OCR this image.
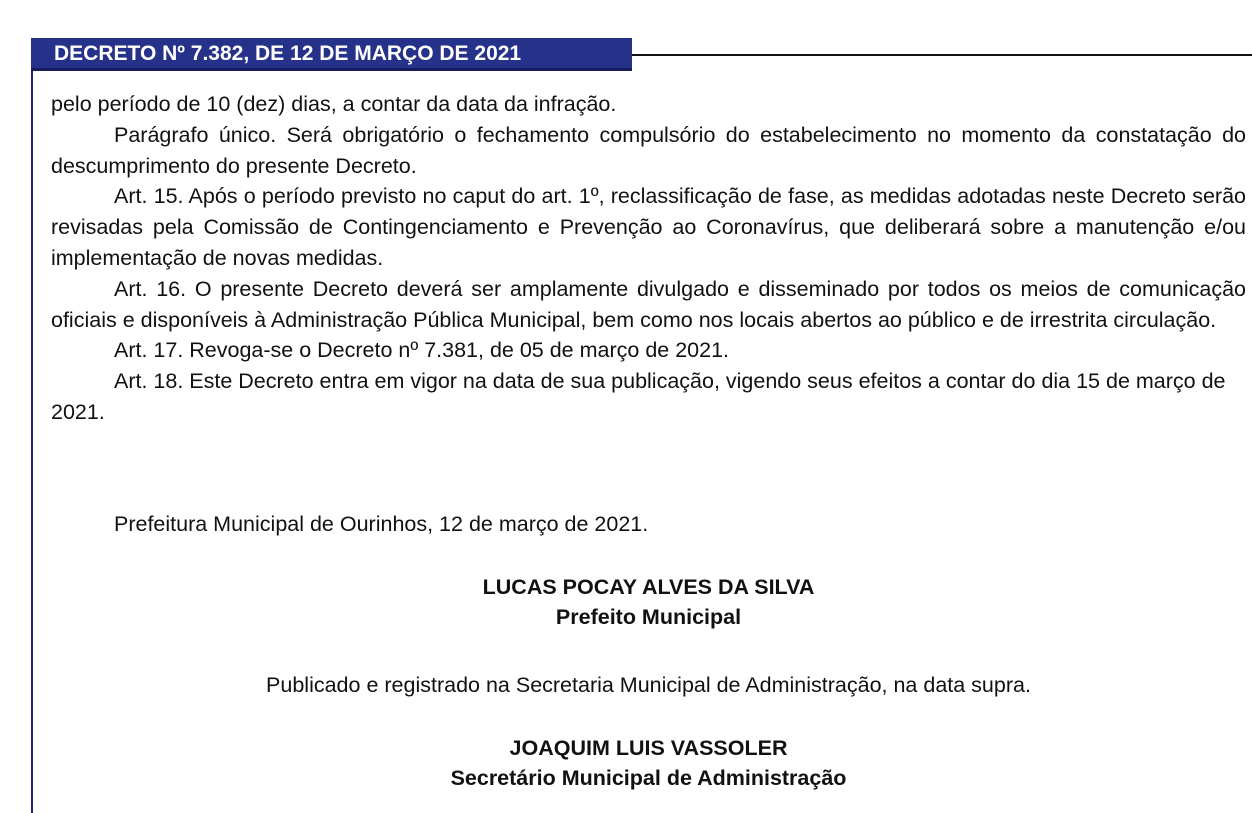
DECRETO Nº 7.382, DE 12 DE MARÇO DE 2021

pelo período de 10 (dez) dias, a contar da data da infração.

Parágrafo único. Será obrigatório o fechamento compulsório do estabelecimento no momento da constatação do descumprimento do presente Decreto.

Art. 15. Após o período previsto no caput do art. 1º, reclassificação de fase, as medidas adotadas neste Decreto serão revisadas pela Comissão de Contingenciamento e Prevenção ao Coronavírus, que deliberará sobre a manutenção e/ou implementação de novas medidas.

Art. 16. O presente Decreto deverá ser amplamente divulgado e disseminado por todos os meios de comunicação oficiais e disponíveis à Administração Pública Municipal, bem como nos locais abertos ao público e de irrestrita circulação.

Art. 17. Revoga-se o Decreto nº 7.381, de 05 de março de 2021.

Art. 18. Este Decreto entra em vigor na data de sua publicação, vigendo seus efeitos a contar do dia 15 de março de 2021.

Prefeitura Municipal de Ourinhos, 12 de março de 2021.
LUCAS POCAY ALVES DA SILVA
Prefeito Municipal
Publicado e registrado na Secretaria Municipal de Administração, na data supra.
JOAQUIM LUIS VASSOLER
Secretário Municipal de Administração
